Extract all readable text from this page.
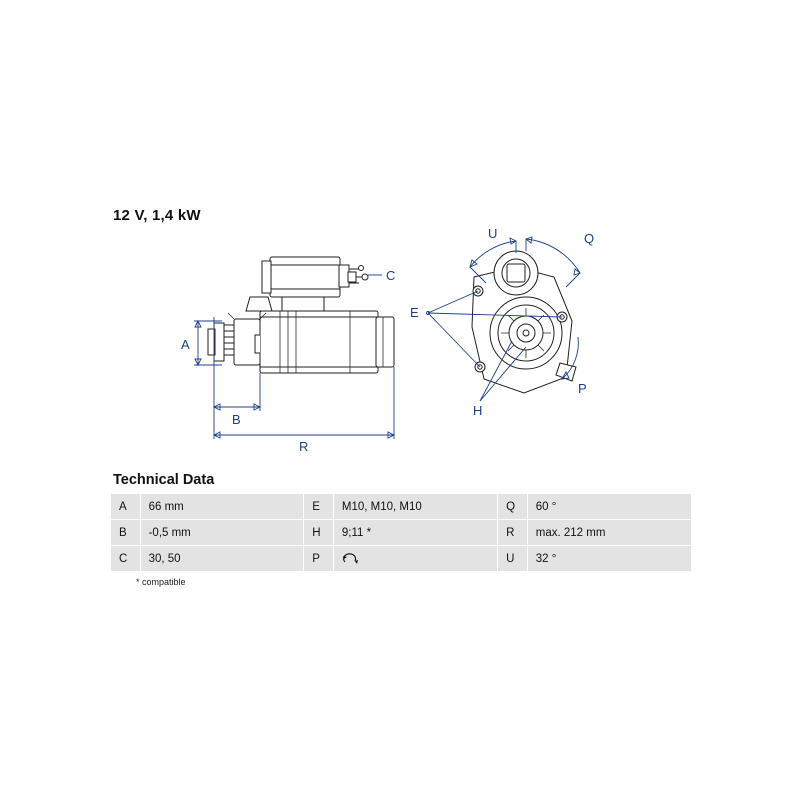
12 V, 1,4 kW
A
B
R
C
U	Q
E
H
P
Technical Data
A	66 mm	E	M10, M10, M10	Q	60 °
B	-0,5 mm	H	9;11 *	R	max. 212 mm
C	30, 50	P		U	32 °
* compatible
